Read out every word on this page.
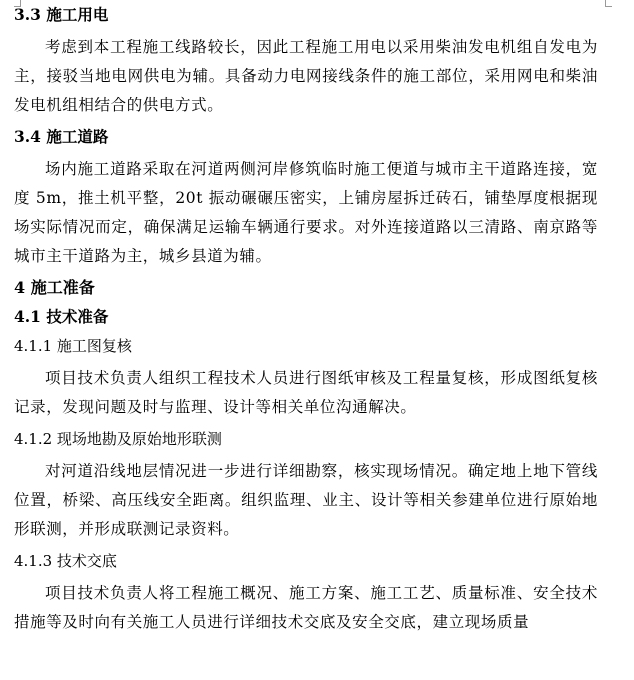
3.3 施工用电

考虑到本工程施工线路较长，因此工程施工用电以采用柴油发电机组自发电为主，接驳当地电网供电为辅。具备动力电网接线条件的施工部位，采用网电和柴油发电机组相结合的供电方式。

3.4 施工道路

场内施工道路采取在河道两侧河岸修筑临时施工便道与城市主干道路连接，宽度 5m，推土机平整，20t 振动碾碾压密实，上铺房屋拆迁砖石，铺垫厚度根据现场实际情况而定，确保满足运输车辆通行要求。对外连接道路以三清路、南京路等城市主干道路为主，城乡县道为辅。

4 施工准备
4.1 技术准备
4.1.1 施工图复核

项目技术负责人组织工程技术人员进行图纸审核及工程量复核，形成图纸复核记录，发现问题及时与监理、设计等相关单位沟通解决。

4.1.2 现场地勘及原始地形联测

对河道沿线地层情况进一步进行详细勘察，核实现场情况。确定地上地下管线位置，桥梁、高压线安全距离。组织监理、业主、设计等相关参建单位进行原始地形联测，并形成联测记录资料。

4.1.3 技术交底

项目技术负责人将工程施工概况、施工方案、施工工艺、质量标准、安全技术措施等及时向有关施工人员进行详细技术交底及安全交底，建立现场质量
